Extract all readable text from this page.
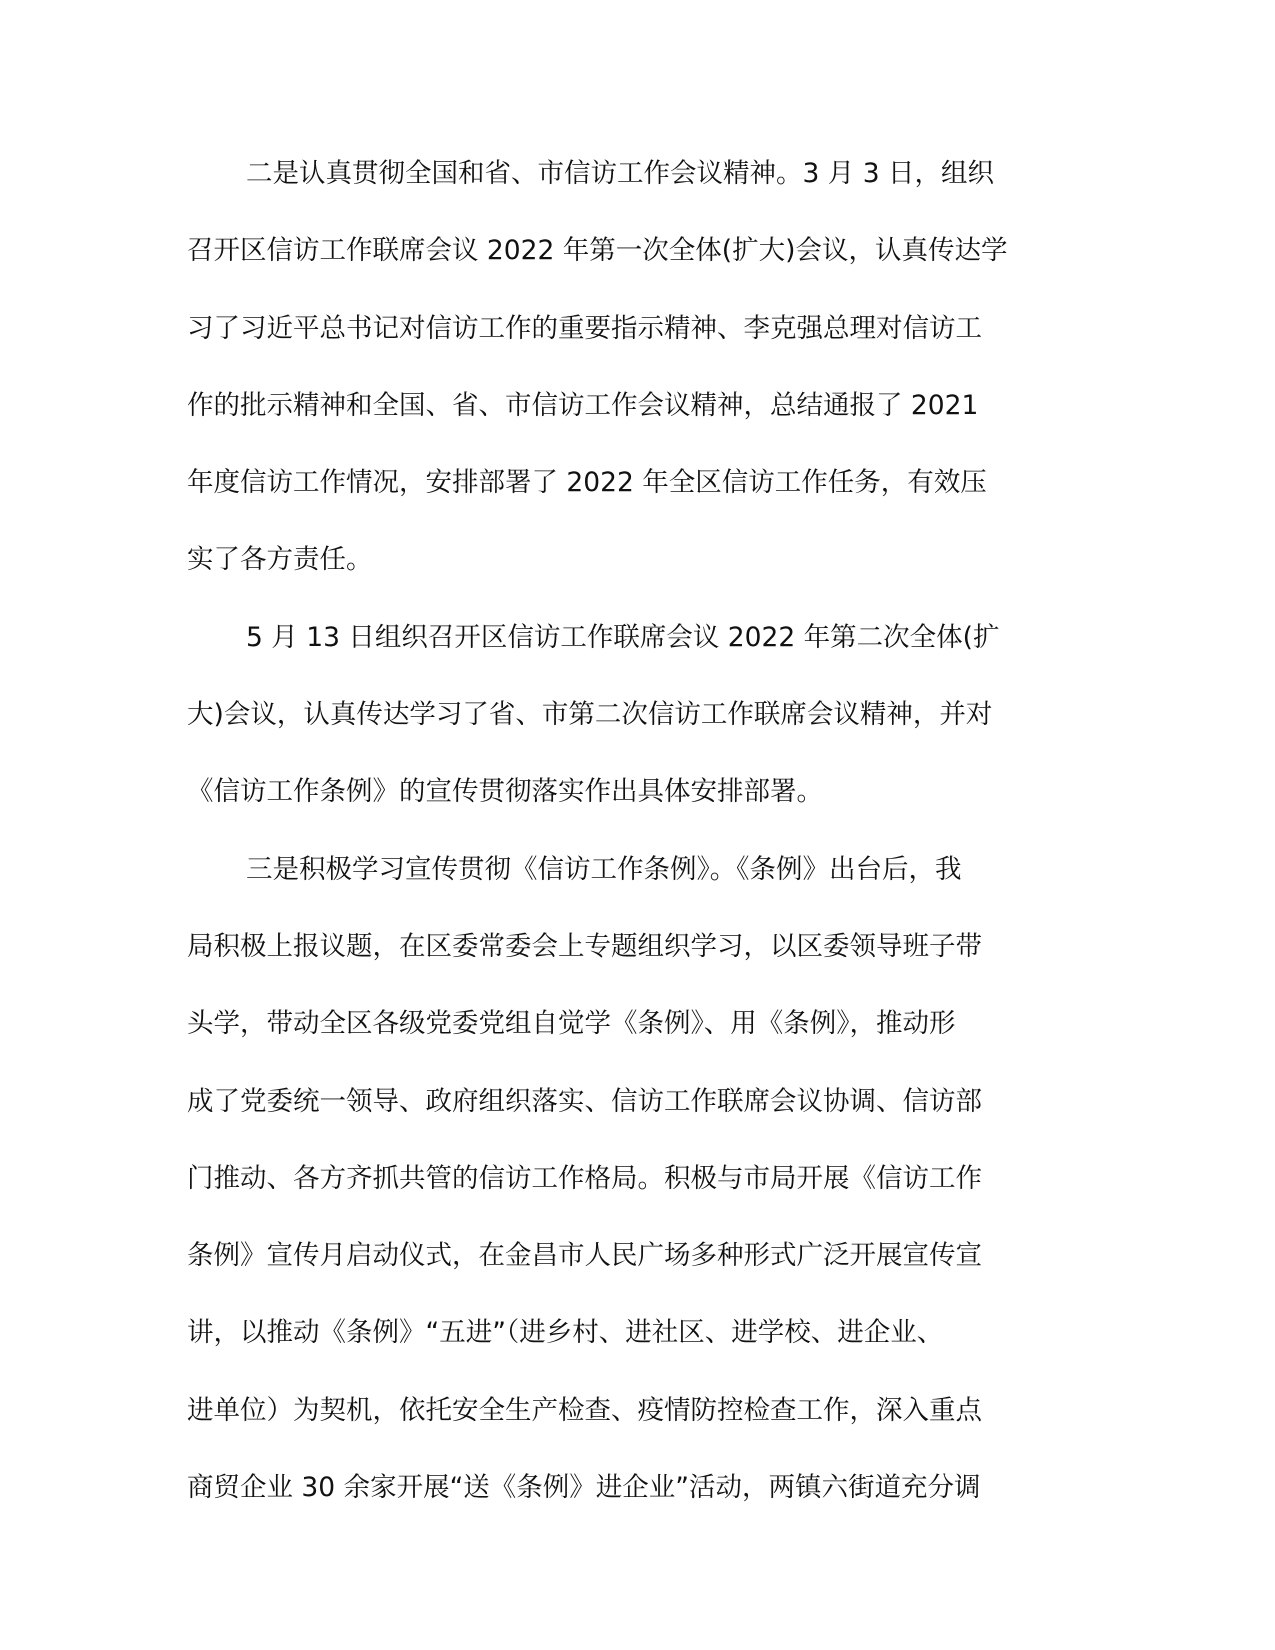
二是认真贯彻全国和省、市信访工作会议精神。3 月 3 日，组织
召开区信访工作联席会议 2022 年第一次全体(扩大)会议，认真传达学
习了习近平总书记对信访工作的重要指示精神、李克强总理对信访工
作的批示精神和全国、省、市信访工作会议精神，总结通报了 2021
年度信访工作情况，安排部署了 2022 年全区信访工作任务，有效压
实了各方责任。
5 月 13 日组织召开区信访工作联席会议 2022 年第二次全体(扩
大)会议，认真传达学习了省、市第二次信访工作联席会议精神，并对
《信访工作条例》的宣传贯彻落实作出具体安排部署。
三是积极学习宣传贯彻《信访工作条例》。《条例》出台后，我
局积极上报议题，在区委常委会上专题组织学习，以区委领导班子带
头学，带动全区各级党委党组自觉学《条例》、用《条例》，推动形
成了党委统一领导、政府组织落实、信访工作联席会议协调、信访部
门推动、各方齐抓共管的信访工作格局。积极与市局开展《信访工作
条例》宣传月启动仪式，在金昌市人民广场多种形式广泛开展宣传宣
讲，以推动《条例》“五进”（进乡村、进社区、进学校、进企业、
进单位）为契机，依托安全生产检查、疫情防控检查工作，深入重点
商贸企业 30 余家开展“送《条例》进企业”活动，两镇六街道充分调
